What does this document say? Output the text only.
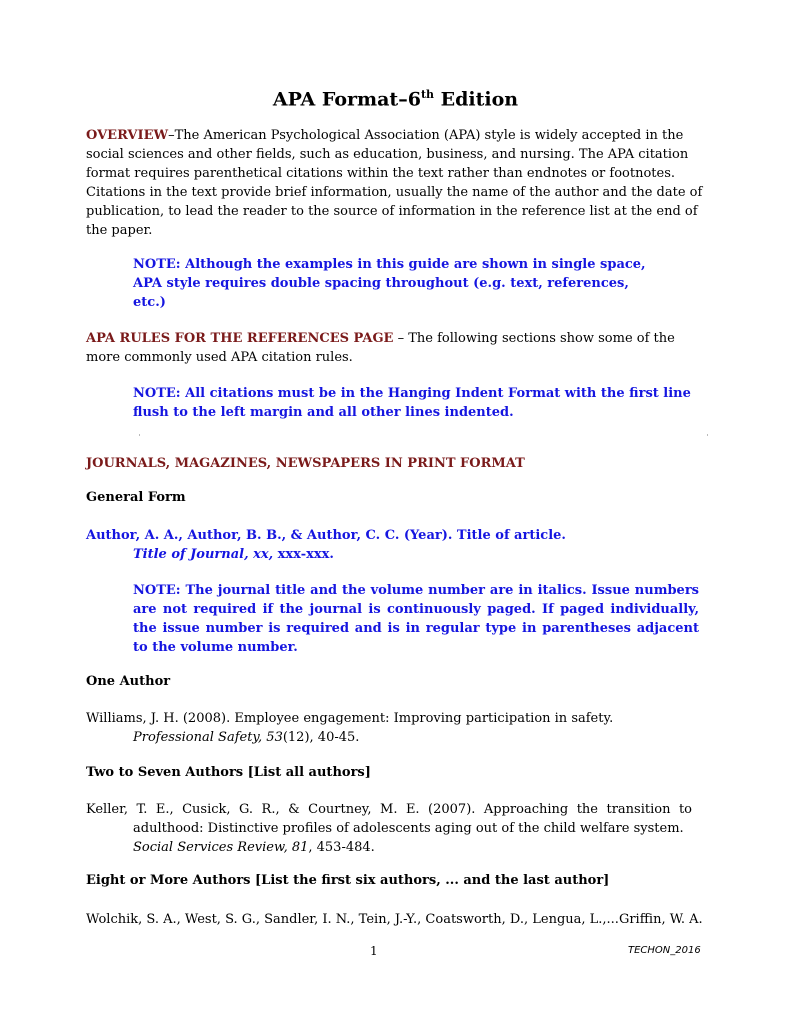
APA Format–6th Edition
OVERVIEW–The American Psychological Association (APA) style is widely accepted in the social sciences and other fields, such as education, business, and nursing. The APA citation format requires parenthetical citations within the text rather than endnotes or footnotes. Citations in the text provide brief information, usually the name of the author and the date of publication, to lead the reader to the source of information in the reference list at the end of the paper.
NOTE: Although the examples in this guide are shown in single space,
APA style requires double spacing throughout (e.g. text, references,
etc.)
APA RULES FOR THE REFERENCES PAGE – The following sections show some of the more commonly used APA citation rules.
NOTE: All citations must be in the Hanging Indent Format with the first line
flush to the left margin and all other lines indented.
JOURNALS, MAGAZINES, NEWSPAPERS IN PRINT FORMAT
General Form
Author, A. A., Author, B. B., & Author, C. C. (Year). Title of article.
Title of Journal, xx, xxx-xxx.
NOTE: The journal title and the volume number are in italics. Issue numbers are not required if the journal is continuously paged. If paged individually, the issue number is required and is in regular type in parentheses adjacent to the volume number.
One Author
Williams, J. H. (2008). Employee engagement: Improving participation in safety.
Professional Safety, 53(12), 40-45.
Two to Seven Authors [List all authors]
Keller, T. E., Cusick, G. R., & Courtney, M. E. (2007). Approaching the transition to adulthood: Distinctive profiles of adolescents aging out of the child welfare system.
Social Services Review, 81, 453-484.
Eight or More Authors [List the first six authors, ... and the last author]
Wolchik, S. A., West, S. G., Sandler, I. N., Tein, J.-Y., Coatsworth, D., Lengua, L.,...Griffin, W. A.
1	TECHON_2016
